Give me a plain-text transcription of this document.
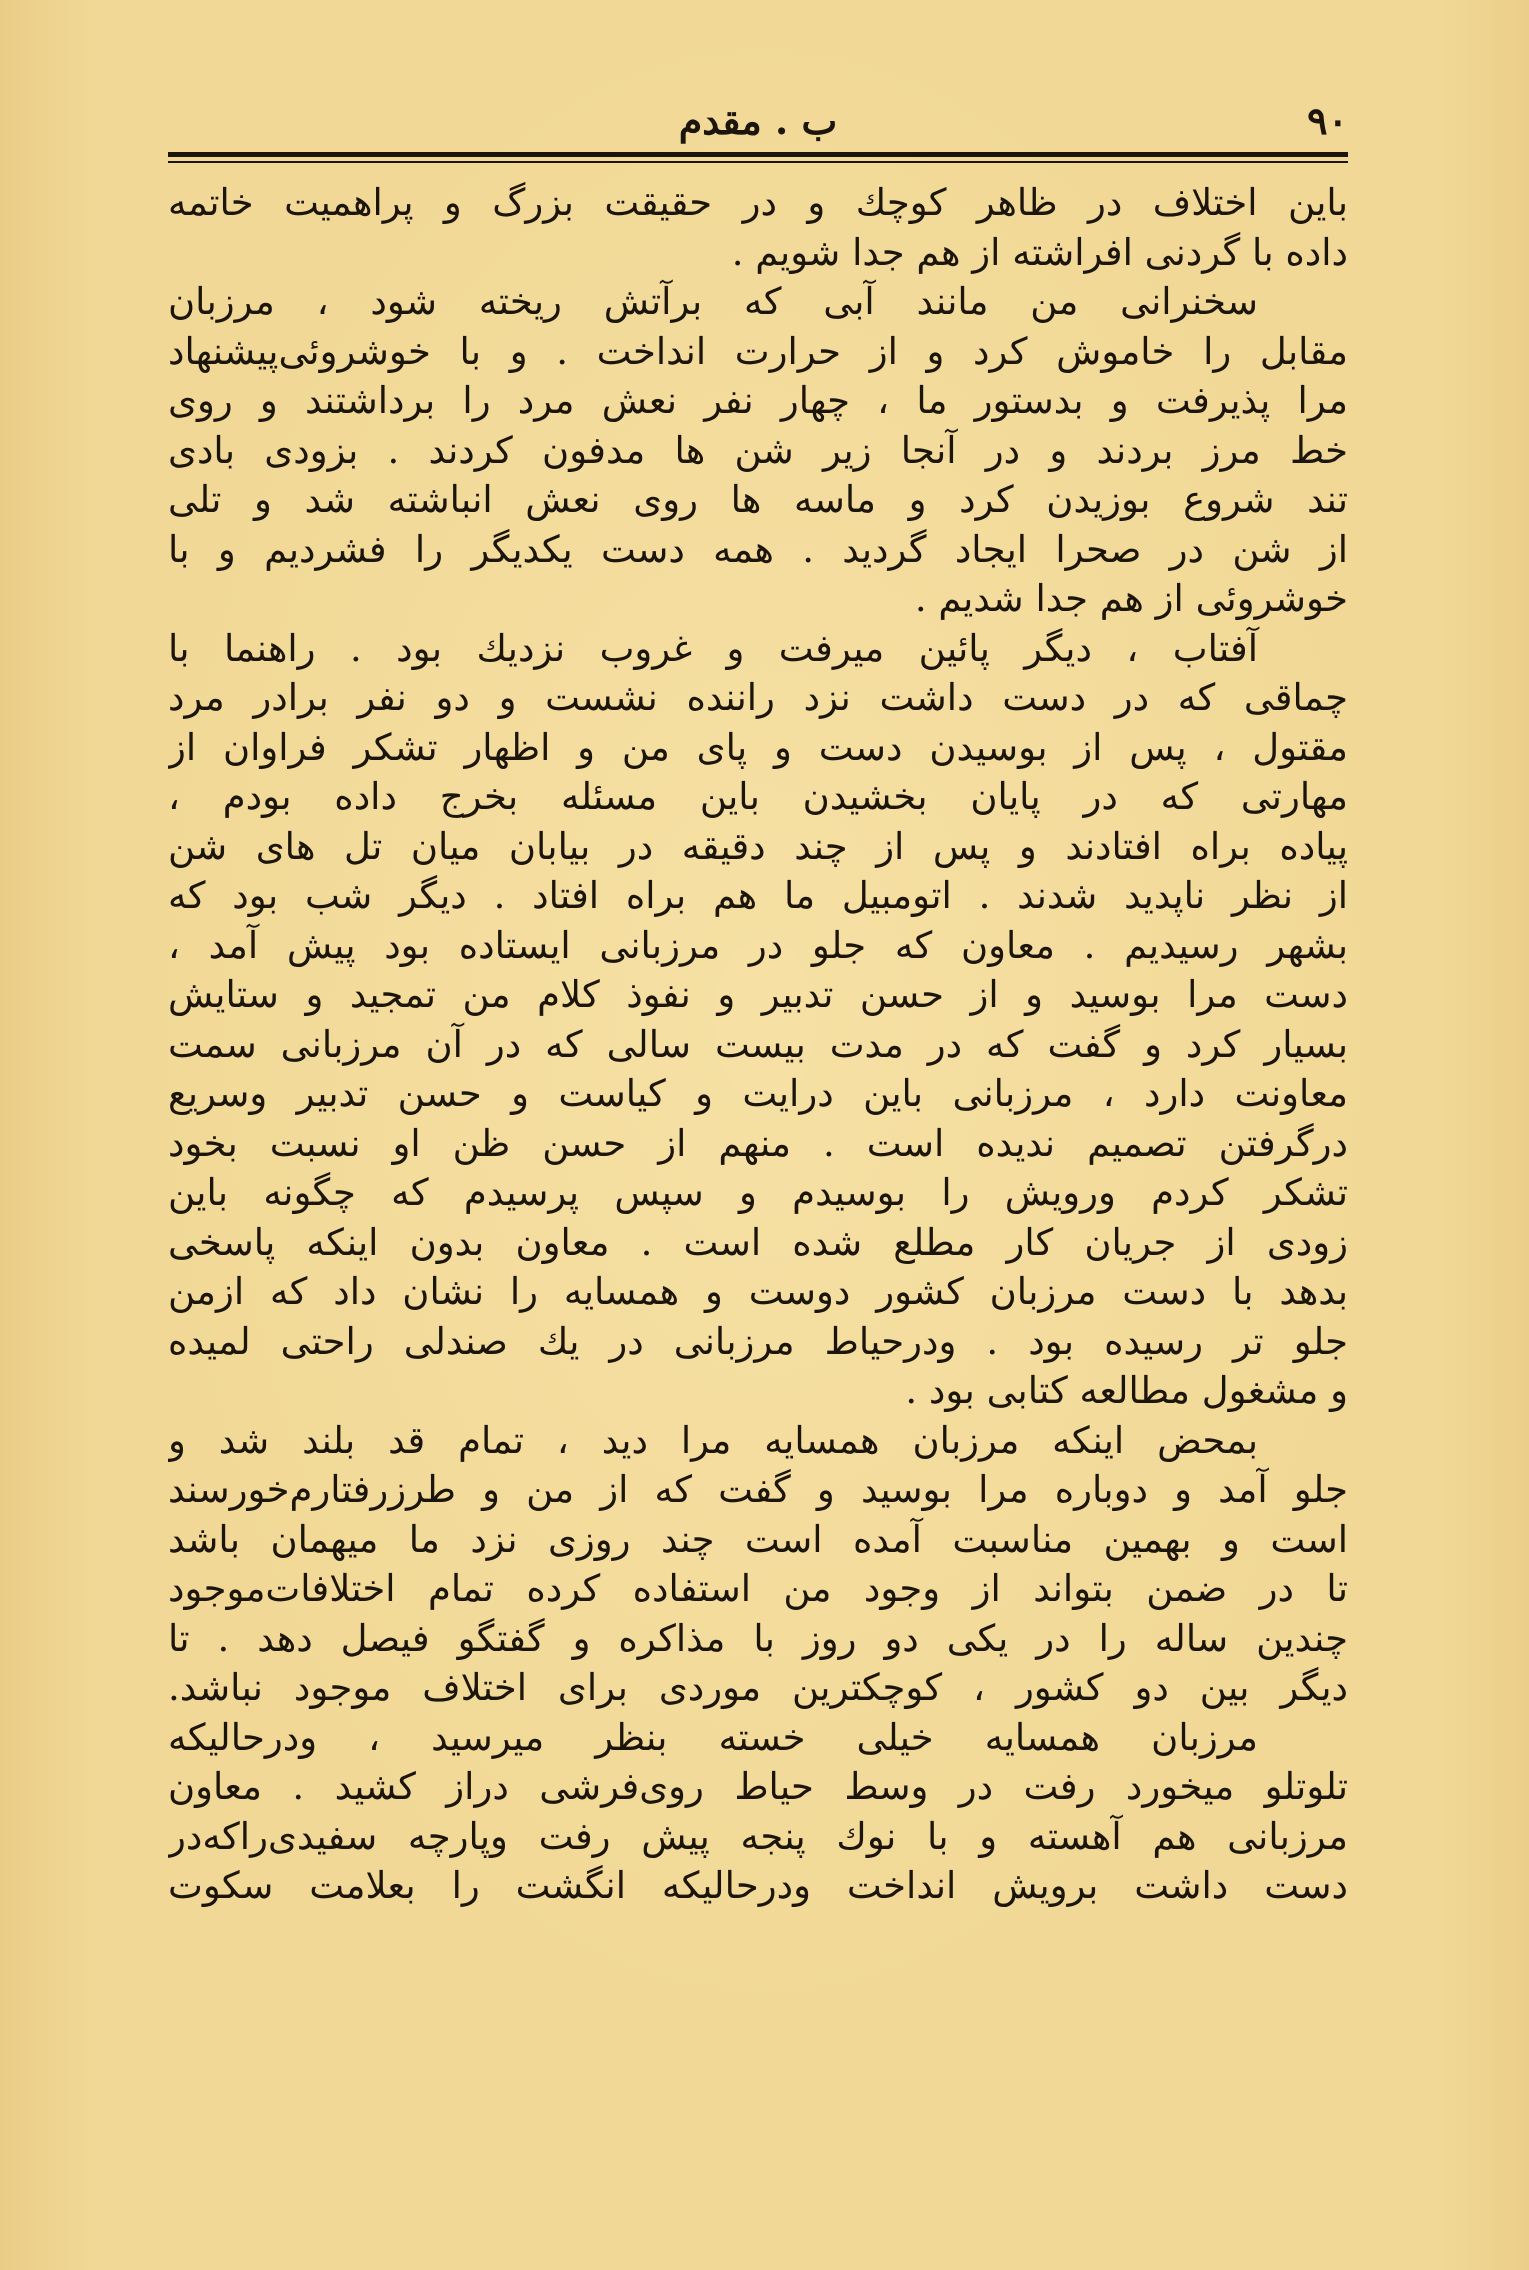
۹۰
ب . مقدم
باین اختلاف در ظاهر کوچك و در حقیقت بزرگ و پراهمیت خاتمه
داده با گردنی افراشته از هم جدا شویم .
سخنرانی من مانند آبی که برآتش ریخته شود ، مرزبان
مقابل را خاموش کرد و از حرارت انداخت . و با خوشروئی‌پیشنهاد
مرا پذیرفت و بدستور ما ، چهار نفر نعش مرد را برداشتند و روی
خط مرز بردند و در آنجا زیر شن ها مدفون کردند . بزودی بادی
تند شروع بوزیدن کرد و ماسه ها روی نعش انباشته شد و تلی
از شن در صحرا ایجاد گردید . همه دست یکدیگر را فشردیم و با
خوشروئی از هم جدا شدیم .
آفتاب ، دیگر پائین میرفت و غروب نزدیك بود . راهنما با
چماقی که در دست داشت نزد راننده نشست و دو نفر برادر مرد
مقتول ، پس از بوسیدن دست و پای من و اظهار تشکر فراوان از
مهارتی که در پایان بخشیدن باین مسئله بخرج داده بودم ،
پیاده براه افتادند و پس از چند دقیقه در بیابان میان تل های شن
از نظر ناپدید شدند . اتومبیل ما هم براه افتاد . دیگر شب بود که
بشهر رسیدیم . معاون که جلو در مرزبانی ایستاده بود پیش آمد ،
دست مرا بوسید و از حسن تدبیر و نفوذ کلام من تمجید و ستایش
بسیار کرد و گفت که در مدت بیست سالی که در آن مرزبانی سمت
معاونت دارد ، مرزبانی باین درایت و کیاست و حسن تدبیر وسریع
درگرفتن تصمیم ندیده است . منهم از حسن ظن او نسبت بخود
تشکر کردم ورویش را بوسیدم و سپس پرسیدم که چگونه باین
زودی از جریان کار مطلع شده است . معاون بدون اینکه پاسخی
بدهد با دست مرزبان کشور دوست و همسایه را نشان داد که ازمن
جلو تر رسیده بود . ودرحیاط مرزبانی در یك صندلی راحتی لمیده
و مشغول مطالعه کتابی بود .
بمحض اینکه مرزبان همسایه مرا دید ، تمام قد بلند شد و
جلو آمد و دوباره مرا بوسید و گفت که از من و طرزرفتارم‌خورسند
است و بهمین مناسبت آمده است چند روزی نزد ما میهمان باشد
تا در ضمن بتواند از وجود من استفاده کرده تمام اختلافات‌موجود
چندین ساله را در یکی دو روز با مذاکره و گفتگو فیصل دهد . تا
دیگر بین دو کشور ، کوچکترین موردی برای اختلاف موجود نباشد.
مرزبان همسایه خیلی خسته بنظر میرسید ، ودرحالیکه
تلوتلو میخورد رفت در وسط حیاط روی‌فرشی دراز کشید . معاون
مرزبانی هم آهسته و با نوك پنجه پیش رفت وپارچه سفیدی‌راکه‌در
دست داشت برویش انداخت ودرحالیکه انگشت را بعلامت سکوت
